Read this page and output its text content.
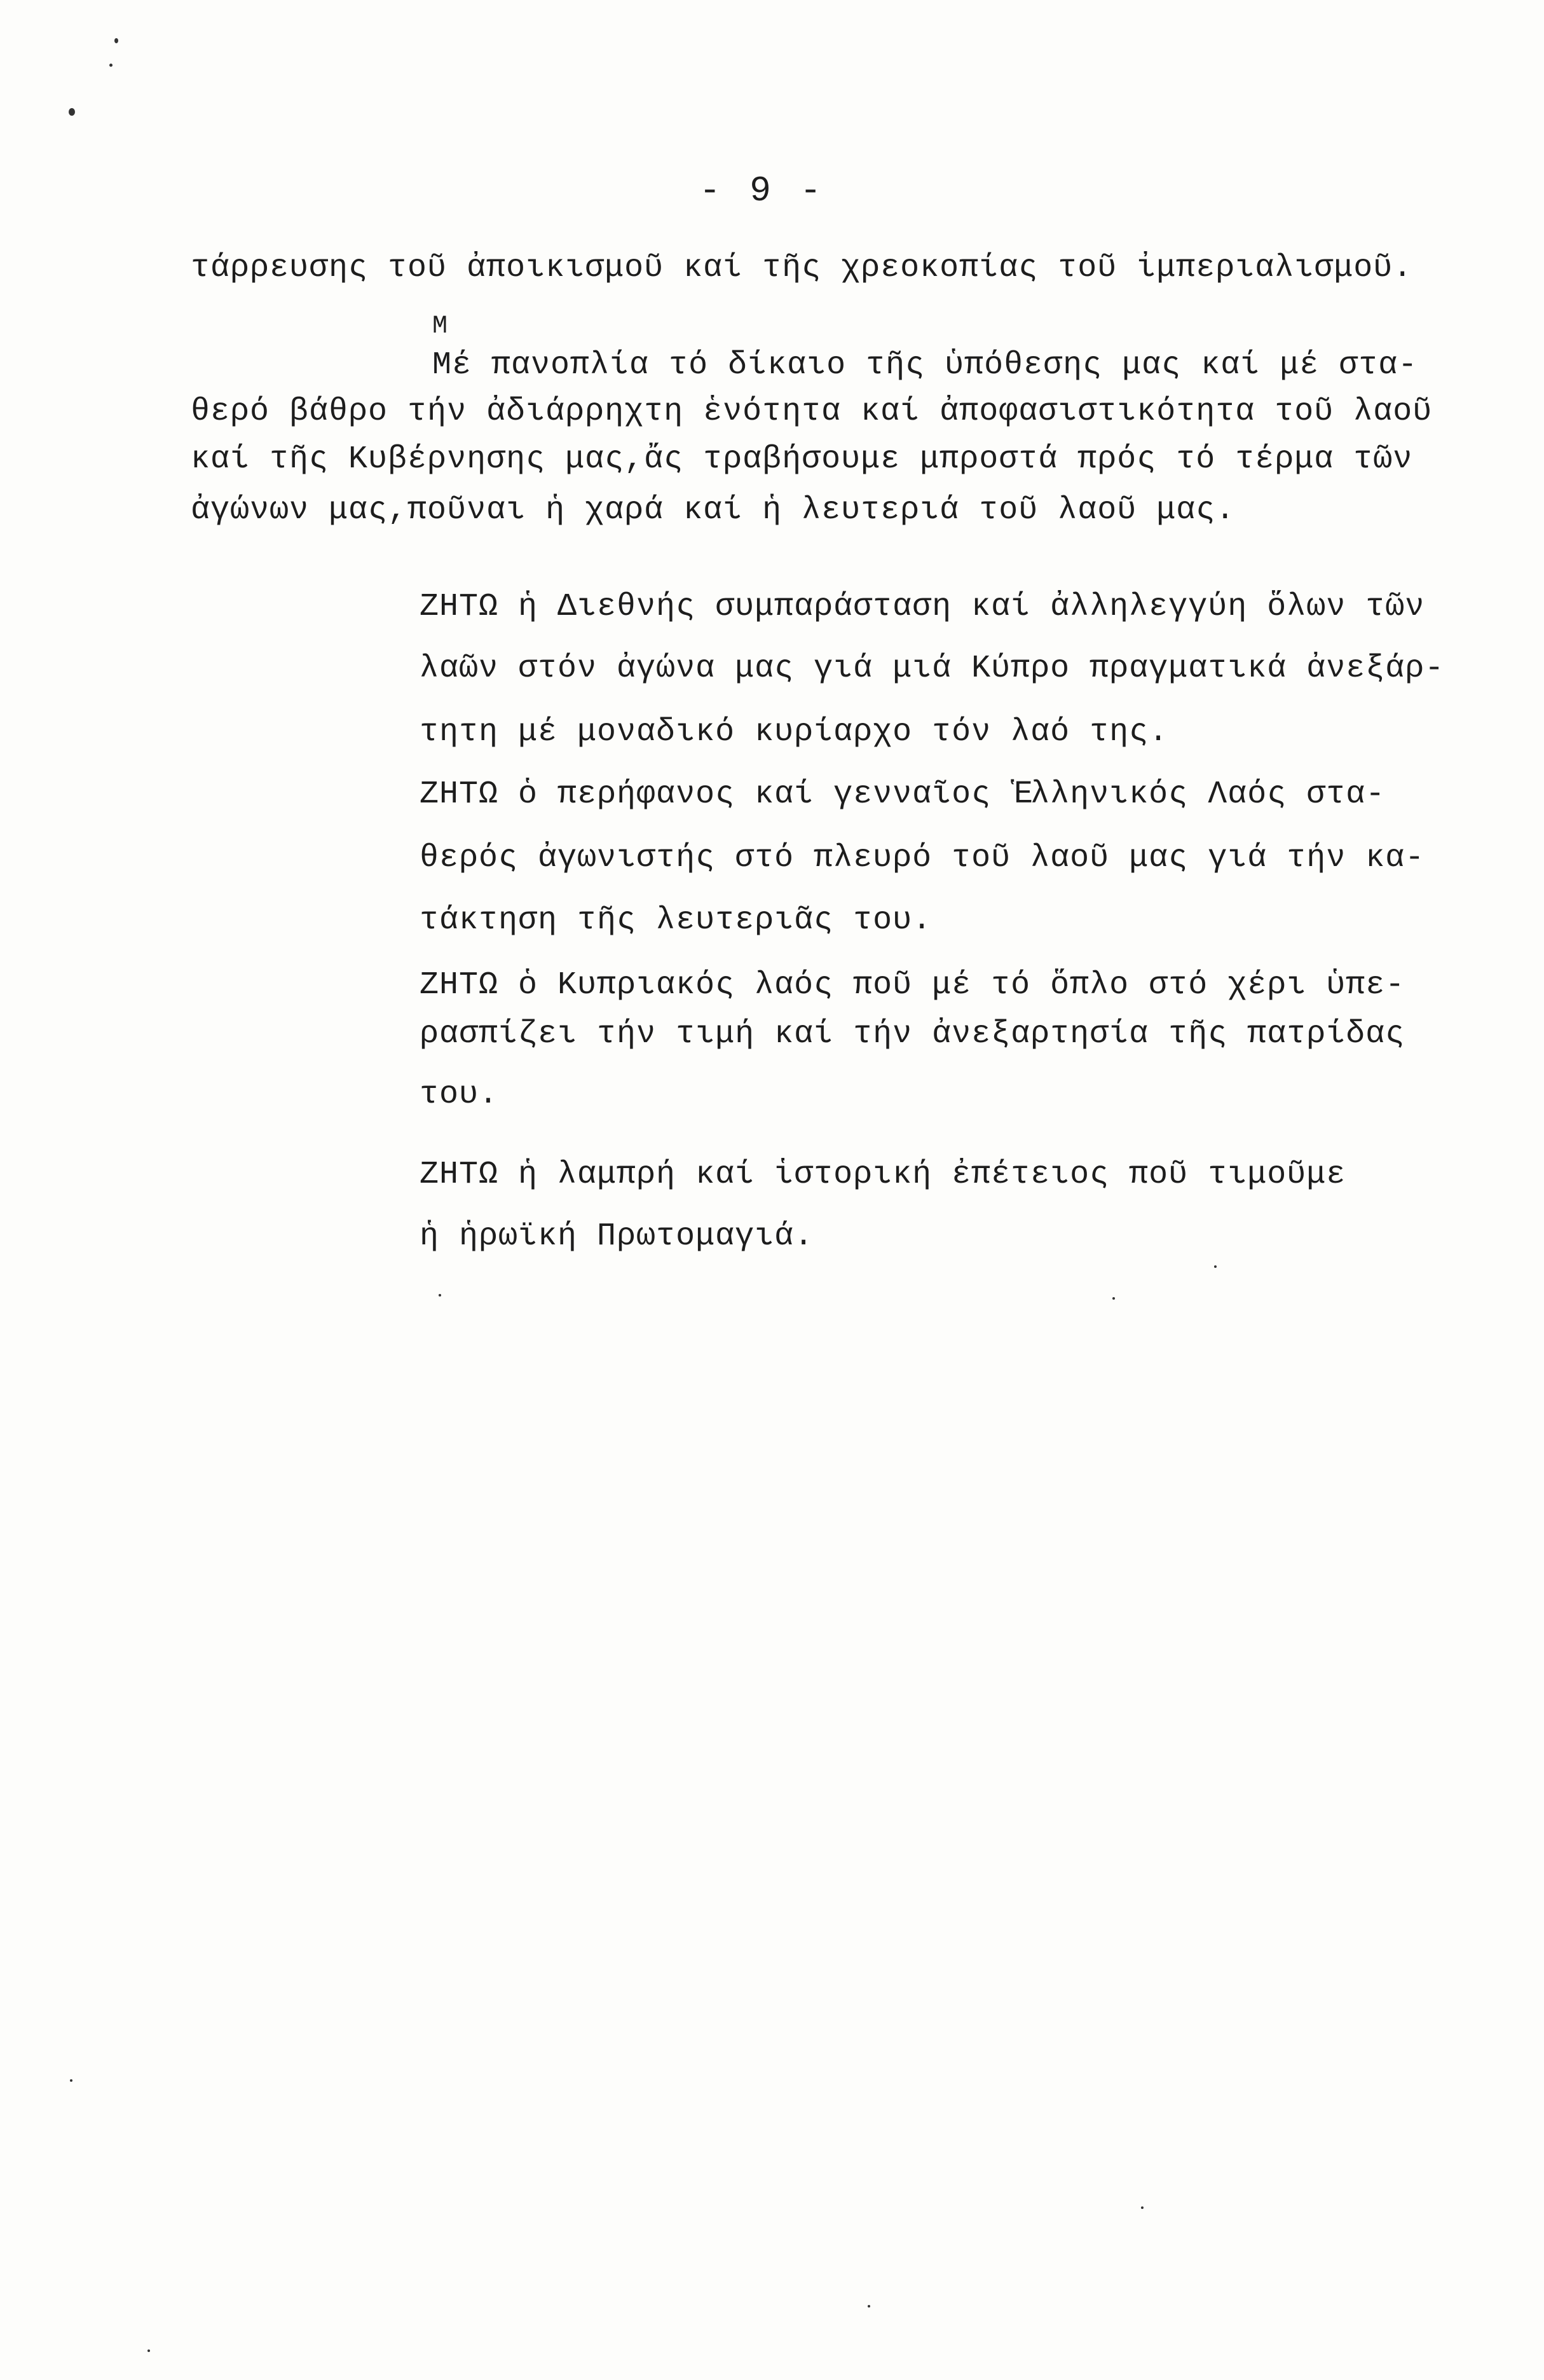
- 9 -
τάρρευσης τοῦ ἀποικισμοῦ καί τῆς χρεοκοπίας τοῦ ἰμπεριαλισμοῦ.
Μ
Μέ πανοπλία τό δίκαιο τῆς ὑπόθεσης μας καί μέ στα-
θερό βάθρο τήν ἀδιάρρηχτη ἑνότητα καί ἀποφασιστικότητα τοῦ λαοῦ
καί τῆς Κυβέρνησης μας,ἄς τραβήσουμε μπροστά πρός τό τέρμα τῶν
ἀγώνων μας,ποῦναι ἡ χαρά καί ἡ λευτεριά τοῦ λαοῦ μας.
ΖΗΤΩ ἡ Διεθνής συμπαράσταση καί ἀλληλεγγύη ὅλων τῶν
λαῶν στόν ἀγώνα μας γιά μιά Κύπρο πραγματικά ἀνεξάρ-
τητη μέ μοναδικό κυρίαρχο τόν λαό της.
ΖΗΤΩ ὁ περήφανος καί γενναῖος Ἑλληνικός Λαός στα-
θερός ἀγωνιστής στό πλευρό τοῦ λαοῦ μας γιά τήν κα-
τάκτηση τῆς λευτεριᾶς του.
ΖΗΤΩ ὁ Κυπριακός λαός ποῦ μέ τό ὅπλο στό χέρι ὑπε-
ρασπίζει τήν τιμή καί τήν ἀνεξαρτησία τῆς πατρίδας
του.
ΖΗΤΩ ἡ λαμπρή καί ἱστορική ἐπέτειος ποῦ τιμοῦμε
ἡ ἡρωϊκή Πρωτομαγιά.
